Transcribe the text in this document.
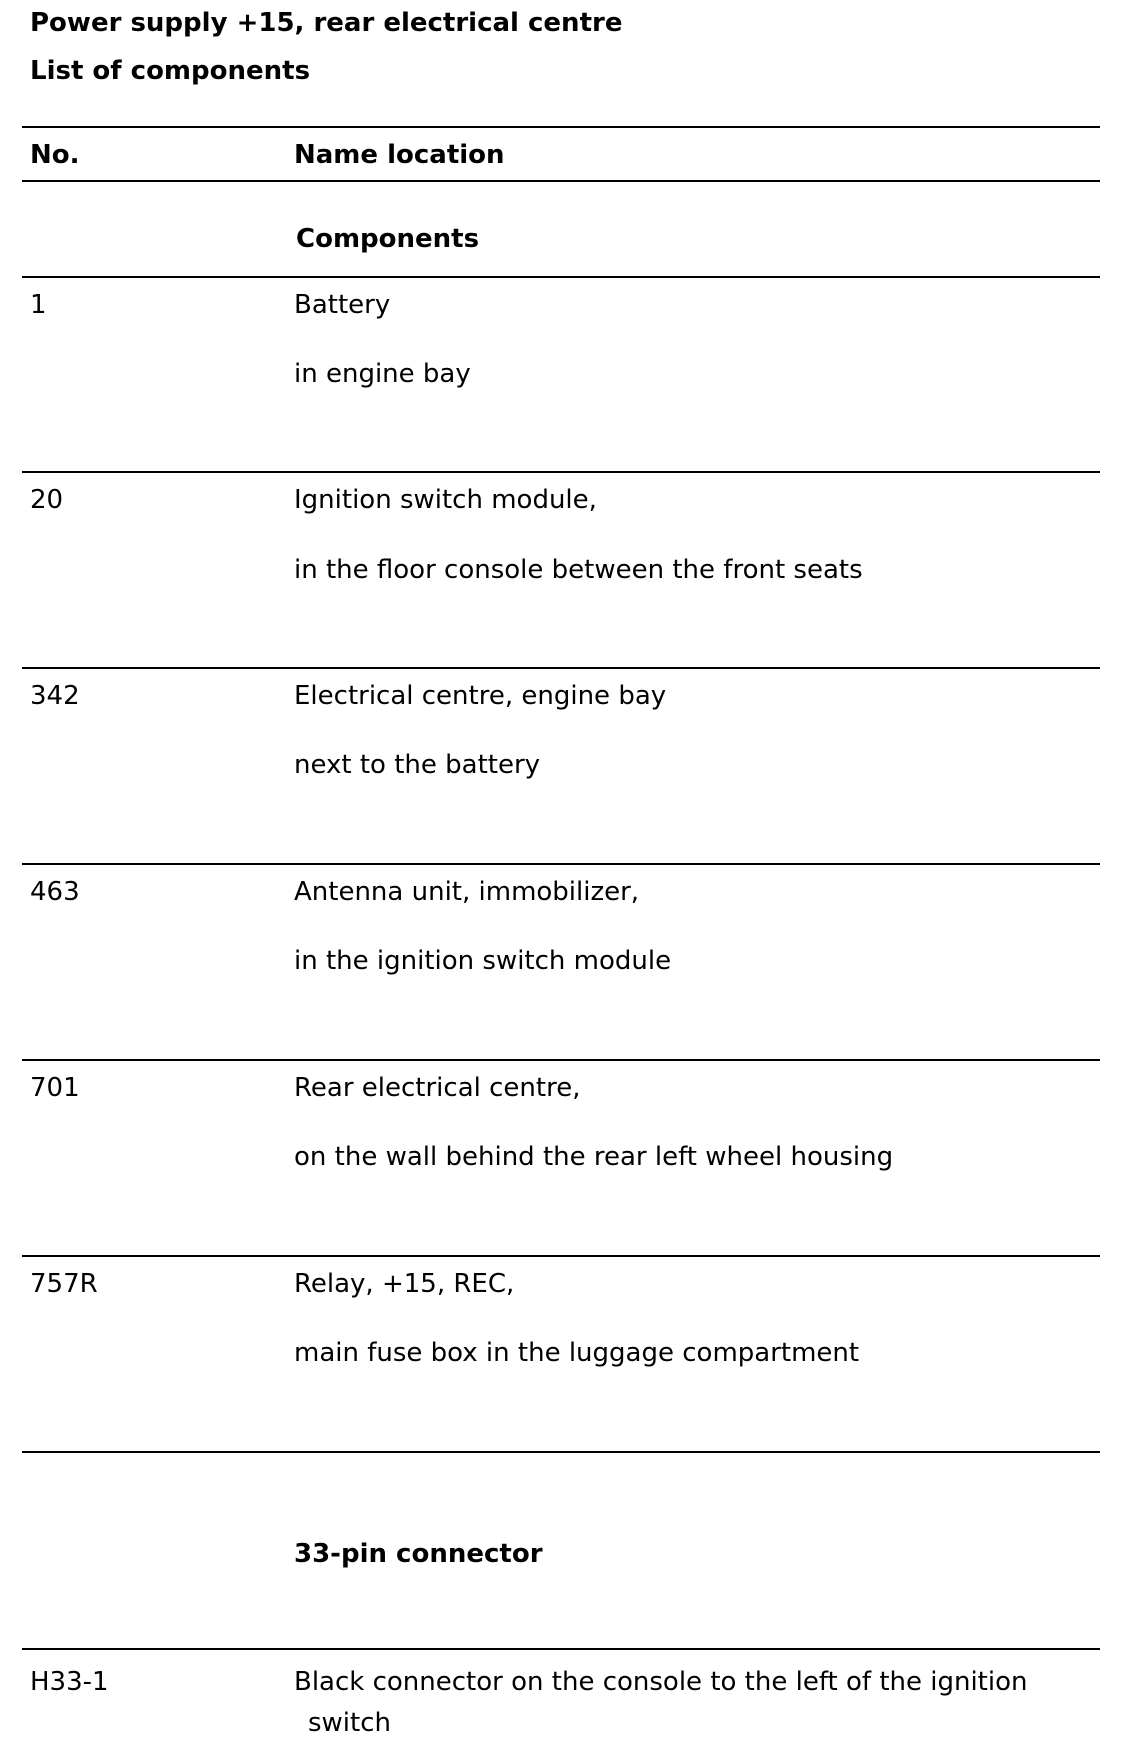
Power supply +15, rear electrical centre
List of components
No.	Name location
Components
1	Battery
in engine bay
20	Ignition switch module,
in the floor console between the front seats
342	Electrical centre, engine bay
next to the battery
463	Antenna unit, immobilizer,
in the ignition switch module
701	Rear electrical centre,
on the wall behind the rear left wheel housing
757R	Relay, +15, REC,
main fuse box in the luggage compartment
33-pin connector
H33-1	Black connector on the console to the left of the ignition
switch
